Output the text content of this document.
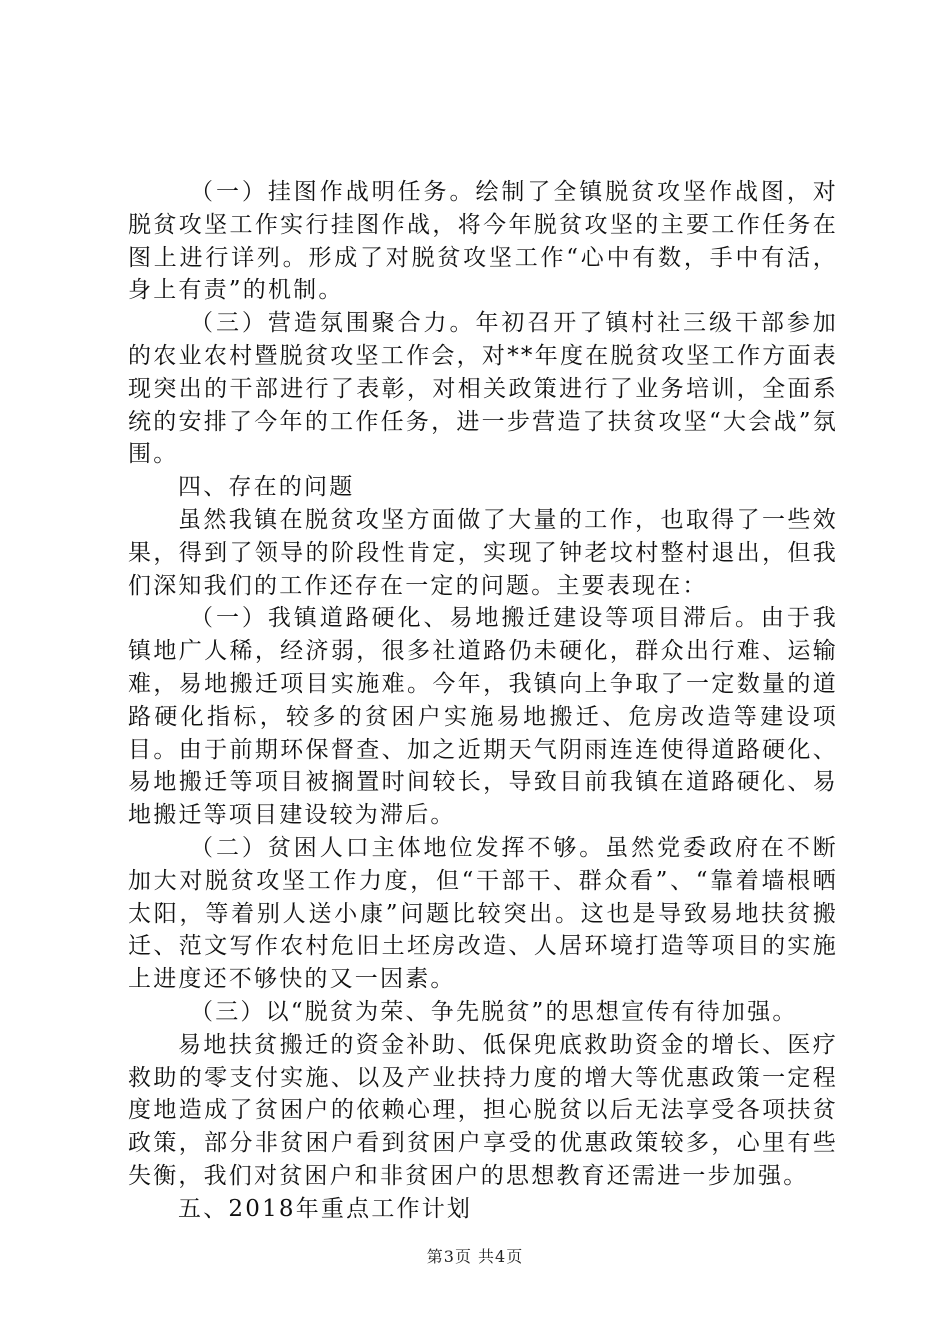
（一）挂图作战明任务。绘制了全镇脱贫攻坚作战图，对脱贫攻坚工作实行挂图作战，将今年脱贫攻坚的主要工作任务在图上进行详列。形成了对脱贫攻坚工作“心中有数，手中有活，身上有责”的机制。

（三）营造氛围聚合力。年初召开了镇村社三级干部参加的农业农村暨脱贫攻坚工作会，对**年度在脱贫攻坚工作方面表现突出的干部进行了表彰，对相关政策进行了业务培训，全面系统的安排了今年的工作任务，进一步营造了扶贫攻坚“大会战”氛围。

四、存在的问题

虽然我镇在脱贫攻坚方面做了大量的工作，也取得了一些效果，得到了领导的阶段性肯定，实现了钟老坟村整村退出，但我们深知我们的工作还存在一定的问题。主要表现在：

（一）我镇道路硬化、易地搬迁建设等项目滞后。由于我镇地广人稀，经济弱，很多社道路仍未硬化，群众出行难、运输难，易地搬迁项目实施难。今年，我镇向上争取了一定数量的道路硬化指标，较多的贫困户实施易地搬迁、危房改造等建设项目。由于前期环保督查、加之近期天气阴雨连连使得道路硬化、易地搬迁等项目被搁置时间较长，导致目前我镇在道路硬化、易地搬迁等项目建设较为滞后。

（二）贫困人口主体地位发挥不够。虽然党委政府在不断加大对脱贫攻坚工作力度，但“干部干、群众看”、“靠着墙根晒太阳，等着别人送小康”问题比较突出。这也是导致易地扶贫搬迁、范文写作农村危旧土坯房改造、人居环境打造等项目的实施上进度还不够快的又一因素。

（三）以“脱贫为荣、争先脱贫”的思想宣传有待加强。

易地扶贫搬迁的资金补助、低保兜底救助资金的增长、医疗救助的零支付实施、以及产业扶持力度的增大等优惠政策一定程度地造成了贫困户的依赖心理，担心脱贫以后无法享受各项扶贫政策，部分非贫困户看到贫困户享受的优惠政策较多，心里有些失衡，我们对贫困户和非贫困户的思想教育还需进一步加强。

五、2018年重点工作计划

第3页 共4页
